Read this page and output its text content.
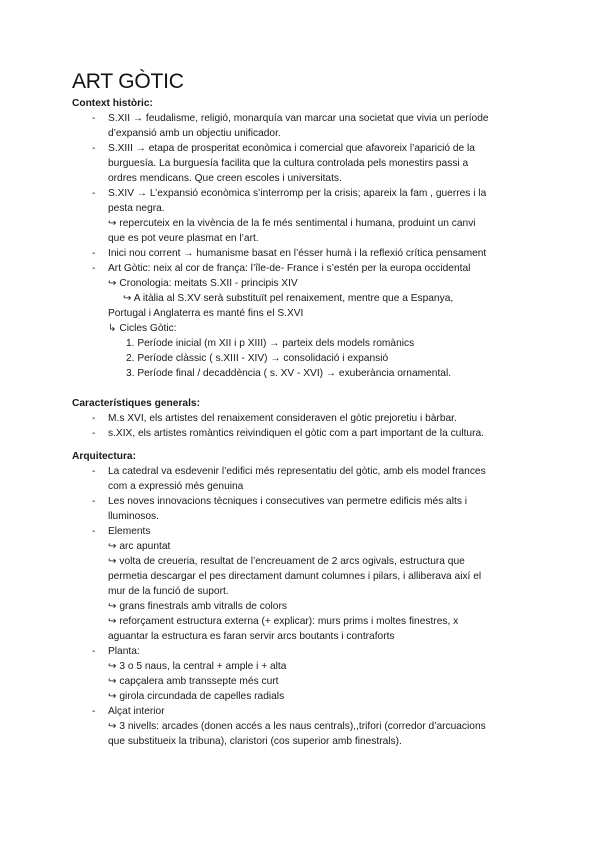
ART GÒTIC
Context històric:
- S.XII → feudalisme, religió, monarquía van marcar una societat que vivia un període
d’expansió amb un objectiu unificador.
- S.XIII → etapa de prosperitat econòmica i comercial que afavoreix l’aparició de la
burguesía. La burguesía facilita que la cultura controlada pels monestirs passi a
ordres mendicans. Que creen escoles i universitats.
- S.XIV → L’expansió econòmica s’interromp per la crisis; apareix la fam , guerres i la
pesta negra.
↪ repercuteix en la vivència de la fe més sentimental i humana, produint un canvi
que es pot veure plasmat en l’art.
- Inici nou corrent → humanisme basat en l’ésser humà i la reflexió crítica pensament
- Art Gòtic: neix al cor de françа: l’île-de- France i s’estén per la europa occidental
↪ Cronologia: meitats S.XII - principis XIV
↪ A itàlia al S.XV serà substituït pel renaixement, mentre que a Espanya,
Portugal i Anglaterra es manté fins el S.XVI
↳ Cicles Gòtic:
1. Període inicial (m XII i p XIII) → parteix dels models romànics
2. Període clàssic ( s.XIII - XIV) → consolidació i expansió
3. Període final / decaddència ( s. XV - XVI) → exuberància ornamental.
Característiques generals:
- M.s XVI, els artistes del renaixement consideraven el gòtic prejoretiu i bàrbar.
- s.XIX, els artistes romàntics reivindiquen el gòtic com a part important de la cultura.
Arquitectura:
- La catedral va esdevenir l’edifici més representatiu del gòtic, amb els model frances
com a expressió més genuina
- Les noves innovacions tècniques i consecutives van permetre edificis més alts i
lluminosos.
- Elements
↪ arc apuntat
↪ volta de creueria, resultat de l’encreuament de 2 arcs ogivals, estructura que
permetia descargar el pes directament damunt columnes i pilars, i alliberava així el
mur de la funció de suport.
↪ grans finestrals amb vitralls de colors
↪ reforçament estructura externa (+ explicar): murs prims i moltes finestres, x
aguantar la estructura es faran servir arcs boutants i contraforts
- Planta:
↪ 3 o 5 naus, la central + ample i + alta
↪ capçalera amb transsepte més curt
↪ girola circundada de capelles radials
- Alçat interior
↪ 3 nivells: arcades (donen accés a les naus centrals),,trifori (corredor d’arcuacions
que substitueix la tribuna), claristori (cos superior amb finestrals).
